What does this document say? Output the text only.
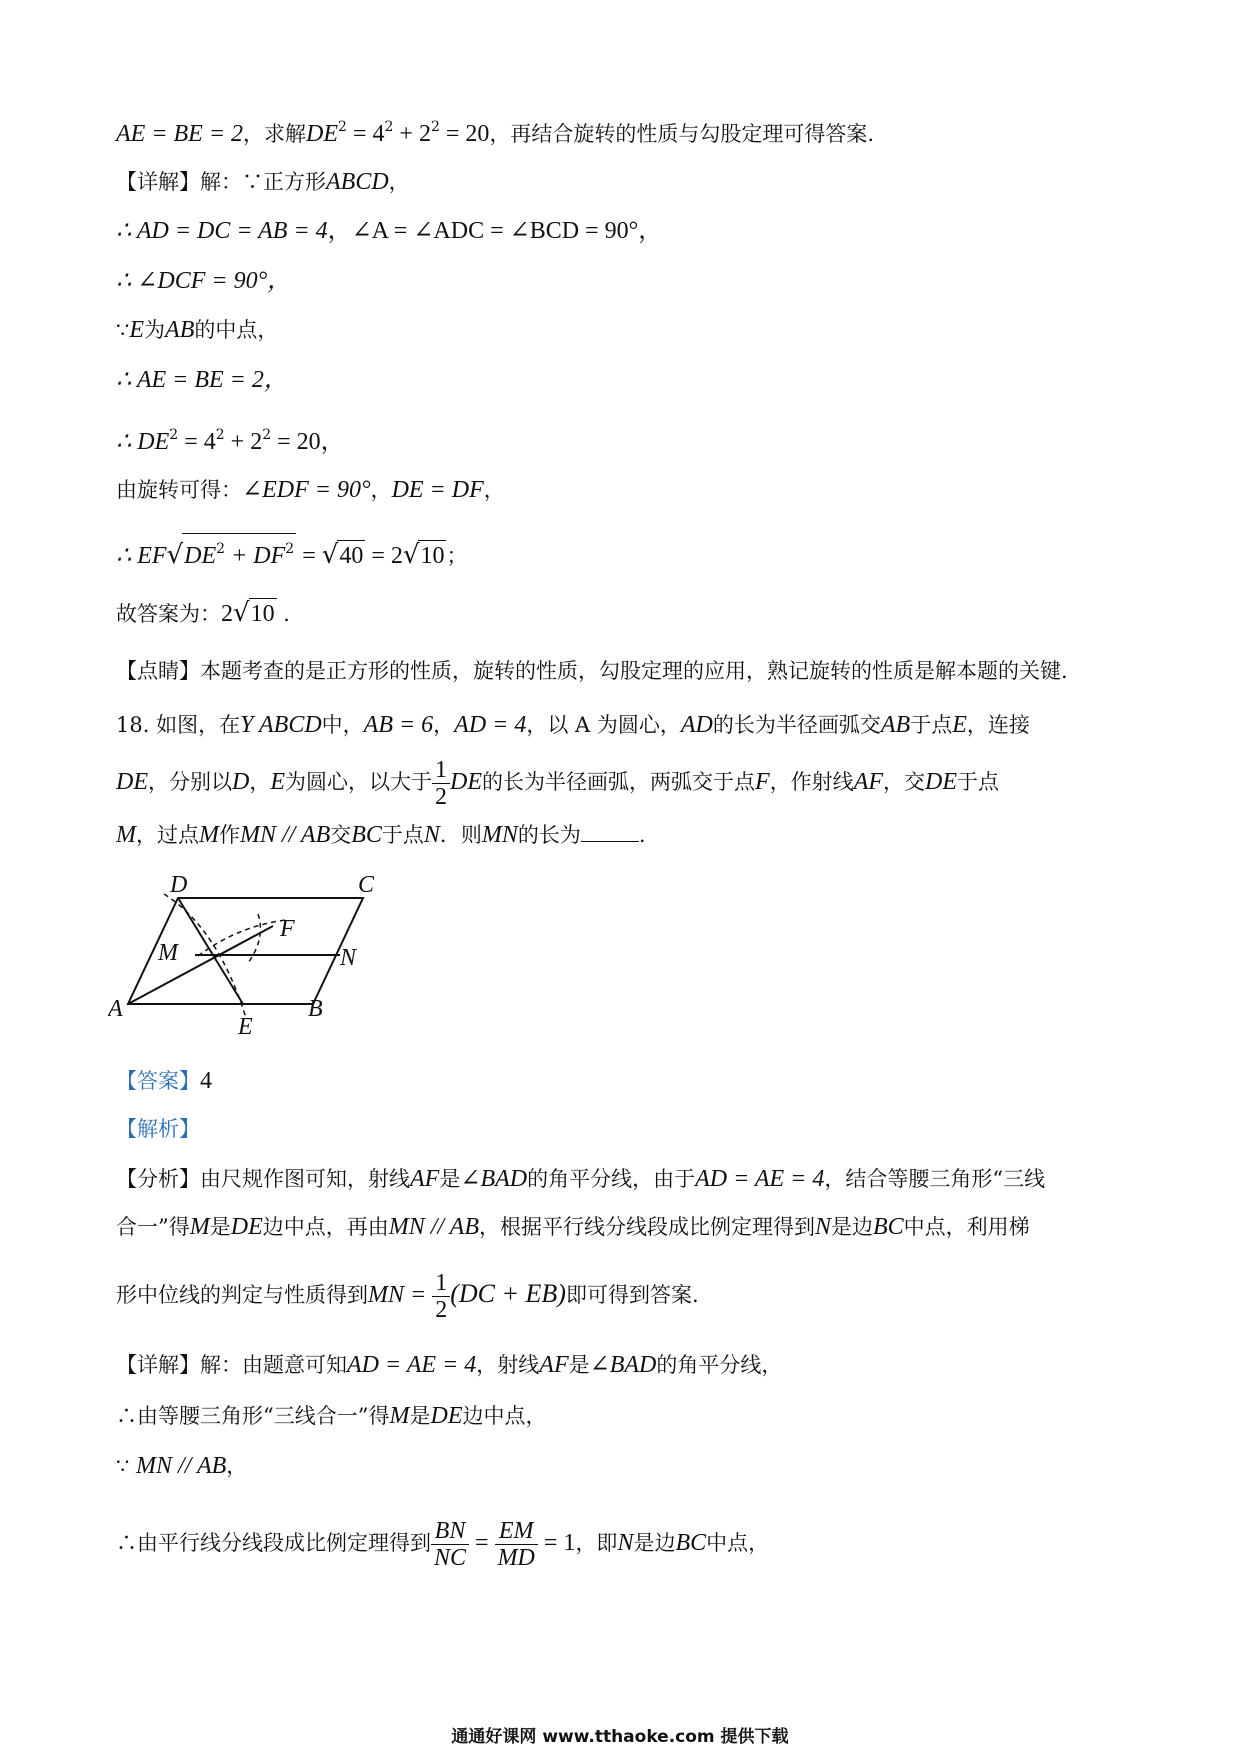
AE = BE = 2，求解$DE^2 = 4^2 + 2^2 = 20$，再结合旋转的性质与勾股定理可得答案.
【详解】解：∵正方形ABCD，
∴ AD = DC = AB = 4，∠A = ∠ADC = ∠BCD = 90°，
∴ ∠DCF = 90°，
∵E为AB的中点，
∴ AE = BE = 2，
∴ $DE^2 = 4^2 + 2^2 = 20$，
由旋转可得：∠EDF = 90°，DE = DF，
∴ $EF√DE^2 + DF^2 = √40 = 2√10$；
故答案为：2√10 .
【点睛】本题考查的是正方形的性质，旋转的性质，勾股定理的应用，熟记旋转的性质是解本题的关键.
18. 如图，在Y ABCD中，AB = 6，AD = 4，以 A 为圆心，AD的长为半径画弧交AB于点E，连接
DE，分别以D，E为圆心，以大于 $\frac{1}{2}$ DE的长为半径画弧，两弧交于点F，作射线AF，交DE于点
M，过点M作MN // AB交BC于点N．则MN的长为	.
D	C
F
M	N
A	B
E
【答案】4
【解析】
【分析】由尺规作图可知，射线AF是∠BAD的角平分线，由于AD = AE = 4，结合等腰三角形“三线
合一”得M是DE边中点，再由MN // AB，根据平行线分线段成比例定理得到N是边BC中点，利用梯
形中位线的判定与性质得到MN = $\frac{1}{2} (DC + EB)$即可得到答案.
【详解】解：由题意可知AD = AE = 4，射线AF是∠BAD的角平分线，
∴由等腰三角形“三线合一”得M是DE边中点，
∵ MN // AB，
∴由平行线分线段成比例定理得到 $\frac{BN}{NC} = \frac{EM}{MD} = 1$，即N是边BC中点，
通通好课网 www.tthaoke.com 提供下载
